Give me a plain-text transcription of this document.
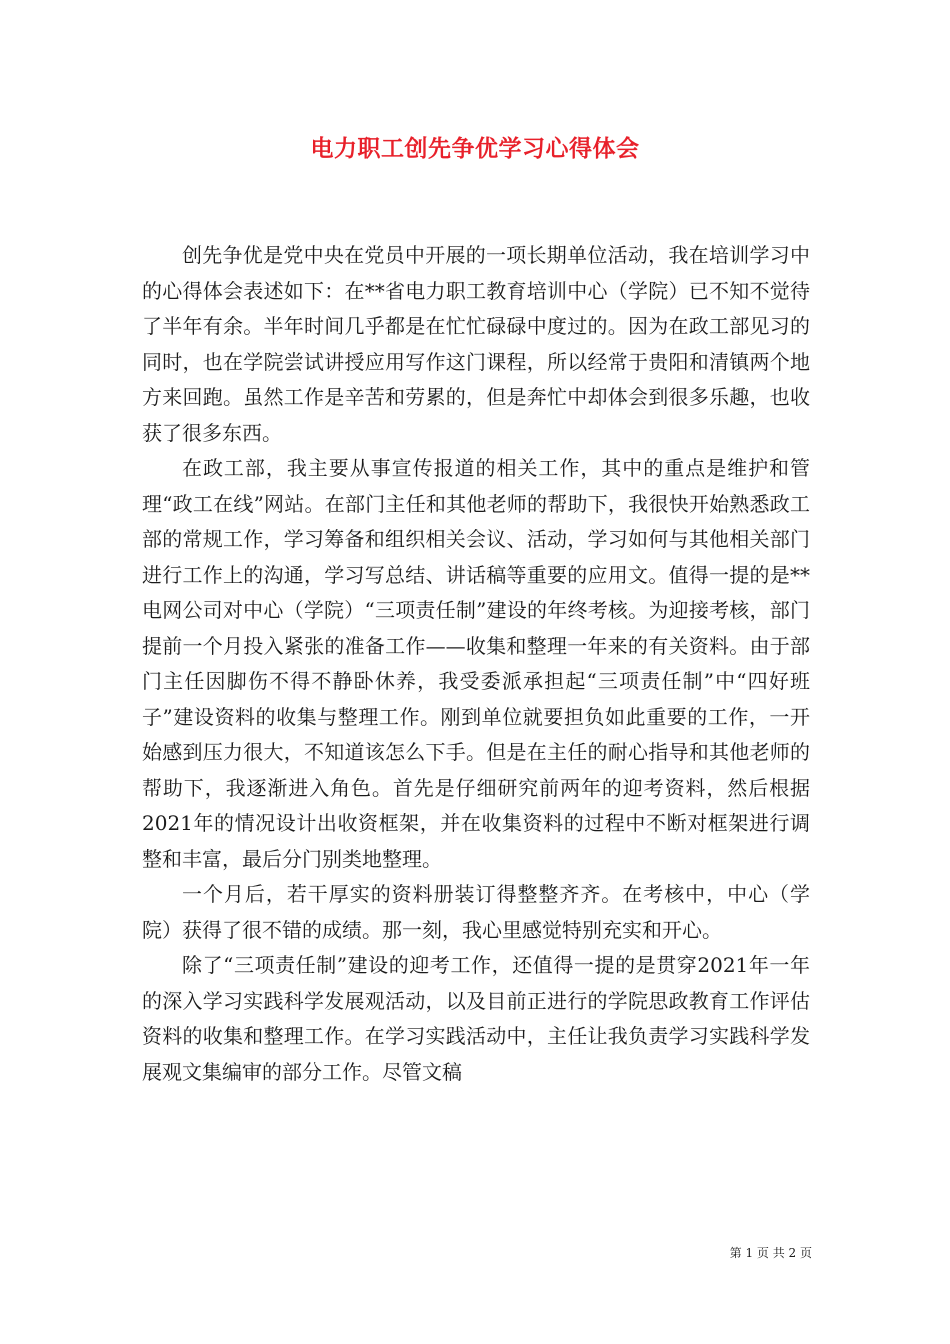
电力职工创先争优学习心得体会

创先争优是党中央在党员中开展的一项长期单位活动，我在培训学习中的心得体会表述如下：在**省电力职工教育培训中心（学院）已不知不觉待了半年有余。半年时间几乎都是在忙忙碌碌中度过的。因为在政工部见习的同时，也在学院尝试讲授应用写作这门课程，所以经常于贵阳和清镇两个地方来回跑。虽然工作是辛苦和劳累的，但是奔忙中却体会到很多乐趣，也收获了很多东西。

在政工部，我主要从事宣传报道的相关工作，其中的重点是维护和管理“政工在线”网站。在部门主任和其他老师的帮助下，我很快开始熟悉政工部的常规工作，学习筹备和组织相关会议、活动，学习如何与其他相关部门进行工作上的沟通，学习写总结、讲话稿等重要的应用文。值得一提的是**电网公司对中心（学院）“三项责任制”建设的年终考核。为迎接考核，部门提前一个月投入紧张的准备工作——收集和整理一年来的有关资料。由于部门主任因脚伤不得不静卧休养，我受委派承担起“三项责任制”中“四好班子”建设资料的收集与整理工作。刚到单位就要担负如此重要的工作，一开始感到压力很大，不知道该怎么下手。但是在主任的耐心指导和其他老师的帮助下，我逐渐进入角色。首先是仔细研究前两年的迎考资料，然后根据2021年的情况设计出收资框架，并在收集资料的过程中不断对框架进行调整和丰富，最后分门别类地整理。

一个月后，若干厚实的资料册装订得整整齐齐。在考核中，中心（学院）获得了很不错的成绩。那一刻，我心里感觉特别充实和开心。

除了“三项责任制”建设的迎考工作，还值得一提的是贯穿2021年一年的深入学习实践科学发展观活动，以及目前正进行的学院思政教育工作评估资料的收集和整理工作。在学习实践活动中，主任让我负责学习实践科学发展观文集编审的部分工作。尽管文稿

第 1 页 共 2 页
